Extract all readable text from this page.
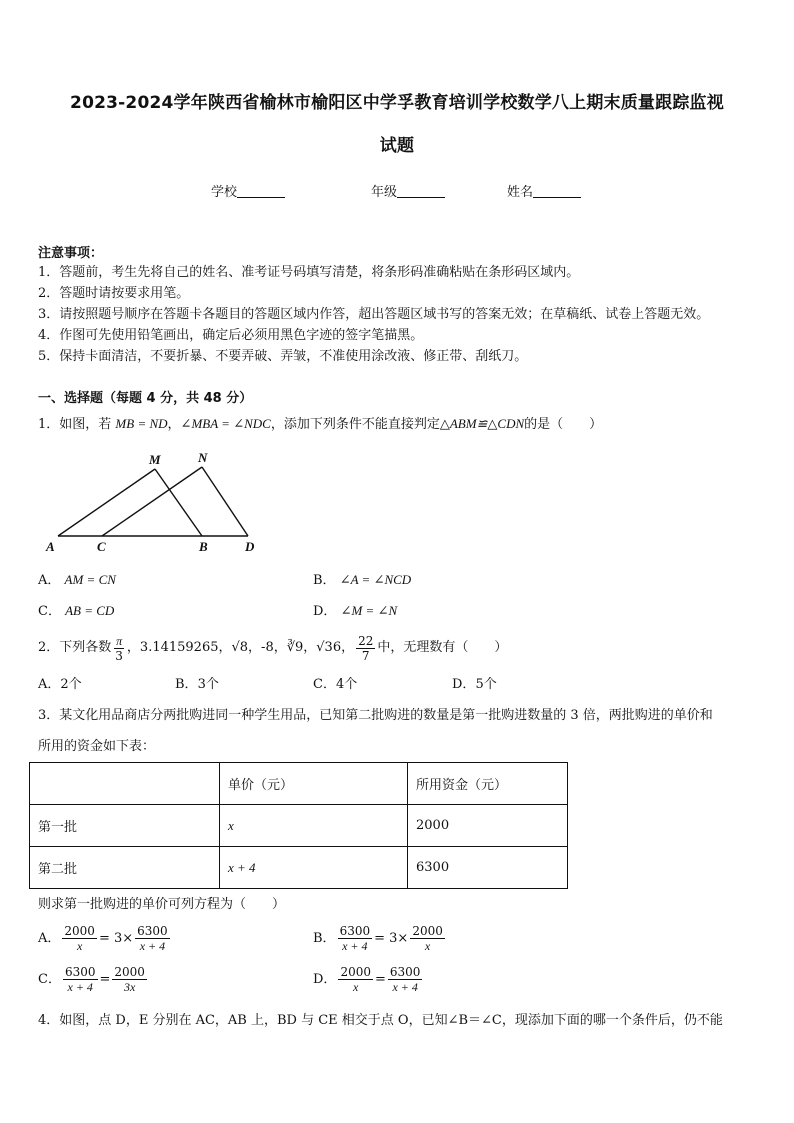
2023-2024学年陕西省榆林市榆阳区中学孚教育培训学校数学八上期末质量跟踪监视
试题
学校	年级	姓名
注意事项：
1．答题前，考生先将自己的姓名、准考证号码填写清楚，将条形码准确粘贴在条形码区域内。
2．答题时请按要求用笔。
3．请按照题号顺序在答题卡各题目的答题区域内作答，超出答题区域书写的答案无效；在草稿纸、试卷上答题无效。
4．作图可先使用铅笔画出，确定后必须用黑色字迹的签字笔描黑。
5．保持卡面清洁，不要折暴、不要弄破、弄皱，不准使用涂改液、修正带、刮纸刀。
一、选择题（每题 4 分，共 48 分）
1．如图，若 MB = ND，∠MBA = ∠NDC，添加下列条件不能直接判定△ABM≌△CDN的是（　　）
M	N
A	C	B	D
A． AM = CN	B． ∠A = ∠NCD
C． AB = CD	D． ∠M = ∠N
2．下列各数 $\frac{\pi}{3}$ ，3.14159265，√8，-8，∛9，√36， $\frac{22}{7}$ 中，无理数有（　　）
A．2个	B．3个	C．4个	D．5个
3．某文化用品商店分两批购进同一种学生用品，已知第二批购进的数量是第一批购进数量的 3 倍，两批购进的单价和
所用的资金如下表：
	单价（元）	所用资金（元）
第一批	x	2000
第二批	x + 4	6300
则求第一批购进的单价可列方程为（　　）
A． $\frac{2000}{x} = 3\times \frac{6300}{x + 4}$	B． $\frac{6300}{x + 4} = 3\times \frac{2000}{x}$
C． $\frac{6300}{x + 4} = \frac{2000}{3x}$	D． $\frac{2000}{x} = \frac{6300}{x + 4}$
4．如图，点 D，E 分别在 AC，AB 上，BD 与 CE 相交于点 O，已知∠B＝∠C，现添加下面的哪一个条件后，仍不能
